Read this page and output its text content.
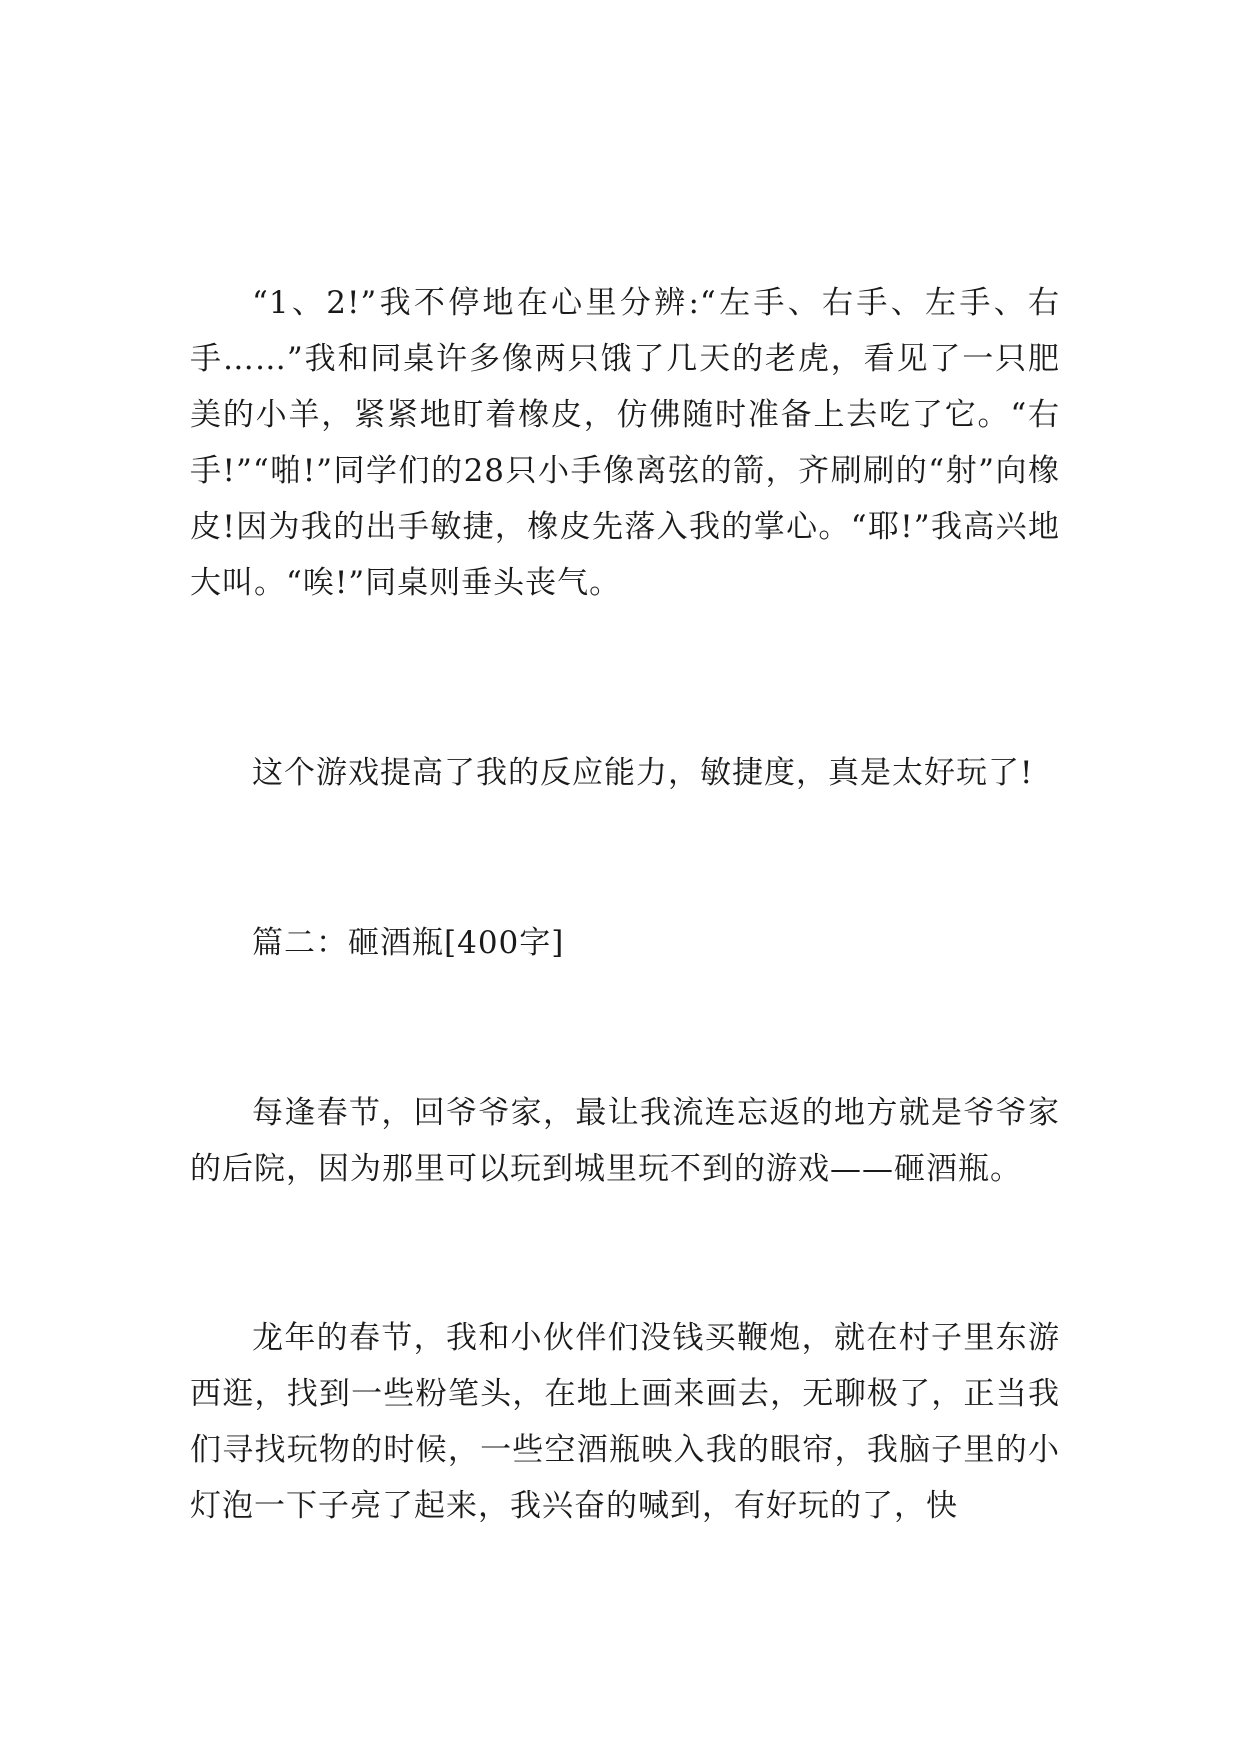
“1、2!”我不停地在心里分辨:“左手、右手、左手、右手……”我和同桌许多像两只饿了几天的老虎，看见了一只肥美的小羊，紧紧地盯着橡皮，仿佛随时准备上去吃了它。“右手!”“啪!”同学们的28只小手像离弦的箭，齐刷刷的“射”向橡皮!因为我的出手敏捷，橡皮先落入我的掌心。“耶!”我高兴地大叫。“唉!”同桌则垂头丧气。

这个游戏提高了我的反应能力，敏捷度，真是太好玩了!

篇二：砸酒瓶[400字]

每逢春节，回爷爷家，最让我流连忘返的地方就是爷爷家的后院，因为那里可以玩到城里玩不到的游戏——砸酒瓶。

龙年的春节，我和小伙伴们没钱买鞭炮，就在村子里东游西逛，找到一些粉笔头，在地上画来画去，无聊极了，正当我们寻找玩物的时候，一些空酒瓶映入我的眼帘，我脑子里的小灯泡一下子亮了起来，我兴奋的喊到，有好玩的了，快
